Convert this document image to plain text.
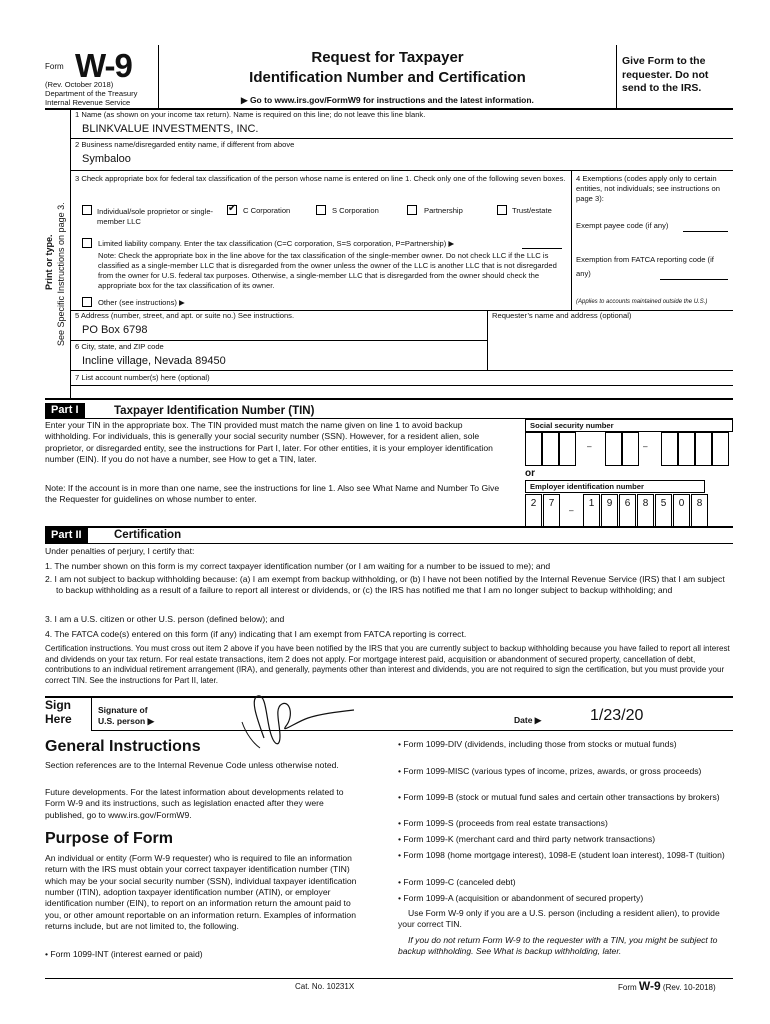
Form W-9
(Rev. October 2018)
Department of the Treasury
Internal Revenue Service
Request for Taxpayer
Identification Number and Certification
▶ Go to www.irs.gov/FormW9 for instructions and the latest information.
Give Form to the requester. Do not send to the IRS.
Print or type. See Specific Instructions on page 3.
1 Name (as shown on your income tax return). Name is required on this line; do not leave this line blank.
BLINKVALUE INVESTMENTS, INC.
2 Business name/disregarded entity name, if different from above
Symbaloo
3 Check appropriate box for federal tax classification of the person whose name is entered on line 1. Check only one of the following seven boxes.
Individual/sole proprietor or single-member LLC
✔
C Corporation	S Corporation	Partnership	Trust/estate
Limited liability company. Enter the tax classification (C=C corporation, S=S corporation, P=Partnership) ▶
Note: Check the appropriate box in the line above for the tax classification of the single-member owner. Do not check LLC if the LLC is classified as a single-member LLC that is disregarded from the owner unless the owner of the LLC is another LLC that is not disregarded from the owner for U.S. federal tax purposes. Otherwise, a single-member LLC that is disregarded from the owner should check the appropriate box for the tax classification of its owner.
Other (see instructions) ▶
4 Exemptions (codes apply only to certain entities, not individuals; see instructions on page 3):
Exempt payee code (if any)
Exemption from FATCA reporting code (if any)
(Applies to accounts maintained outside the U.S.)
5 Address (number, street, and apt. or suite no.) See instructions.	Requester’s name and address (optional)
PO Box 6798
6 City, state, and ZIP code
Incline village, Nevada 89450
7 List account number(s) here (optional)
Part I	Taxpayer Identification Number (TIN)
Enter your TIN in the appropriate box. The TIN provided must match the name given on line 1 to avoid backup withholding. For individuals, this is generally your social security number (SSN). However, for a resident alien, sole proprietor, or disregarded entity, see the instructions for Part I, later. For other entities, it is your employer identification number (EIN). If you do not have a number, see How to get a TIN, later.
Note: If the account is in more than one name, see the instructions for line 1. Also see What Name and Number To Give the Requester for guidelines on whose number to enter.
Social security number
–	–
or
Employer identification number
2	7
–
1	9	6	8	5	0	8
Part II	Certification
Under penalties of perjury, I certify that:
1. The number shown on this form is my correct taxpayer identification number (or I am waiting for a number to be issued to me); and
2. I am not subject to backup withholding because: (a) I am exempt from backup withholding, or (b) I have not been notified by the Internal Revenue Service (IRS) that I am subject to backup withholding as a result of a failure to report all interest or dividends, or (c) the IRS has notified me that I am no longer subject to backup withholding; and
3. I am a U.S. citizen or other U.S. person (defined below); and
4. The FATCA code(s) entered on this form (if any) indicating that I am exempt from FATCA reporting is correct.
Certification instructions. You must cross out item 2 above if you have been notified by the IRS that you are currently subject to backup withholding because you have failed to report all interest and dividends on your tax return. For real estate transactions, item 2 does not apply. For mortgage interest paid, acquisition or abandonment of secured property, cancellation of debt, contributions to an individual retirement arrangement (IRA), and generally, payments other than interest and dividends, you are not required to sign the certification, but you must provide your correct TIN. See the instructions for Part II, later.
Sign Here
Signature of U.S. person ▶	Date ▶	1/23/20
General Instructions
Section references are to the Internal Revenue Code unless otherwise noted.
Future developments. For the latest information about developments related to Form W-9 and its instructions, such as legislation enacted after they were published, go to www.irs.gov/FormW9.
Purpose of Form
An individual or entity (Form W-9 requester) who is required to file an information return with the IRS must obtain your correct taxpayer identification number (TIN) which may be your social security number (SSN), individual taxpayer identification number (ITIN), adoption taxpayer identification number (ATIN), or employer identification number (EIN), to report on an information return the amount paid to you, or other amount reportable on an information return. Examples of information returns include, but are not limited to, the following.
• Form 1099-INT (interest earned or paid)
• Form 1099-DIV (dividends, including those from stocks or mutual funds)
• Form 1099-MISC (various types of income, prizes, awards, or gross proceeds)
• Form 1099-B (stock or mutual fund sales and certain other transactions by brokers)
• Form 1099-S (proceeds from real estate transactions)
• Form 1099-K (merchant card and third party network transactions)
• Form 1098 (home mortgage interest), 1098-E (student loan interest), 1098-T (tuition)
• Form 1099-C (canceled debt)
• Form 1099-A (acquisition or abandonment of secured property)
Use Form W-9 only if you are a U.S. person (including a resident alien), to provide your correct TIN.
If you do not return Form W-9 to the requester with a TIN, you might be subject to backup withholding. See What is backup withholding, later.
Cat. No. 10231X	Form W-9 (Rev. 10-2018)
